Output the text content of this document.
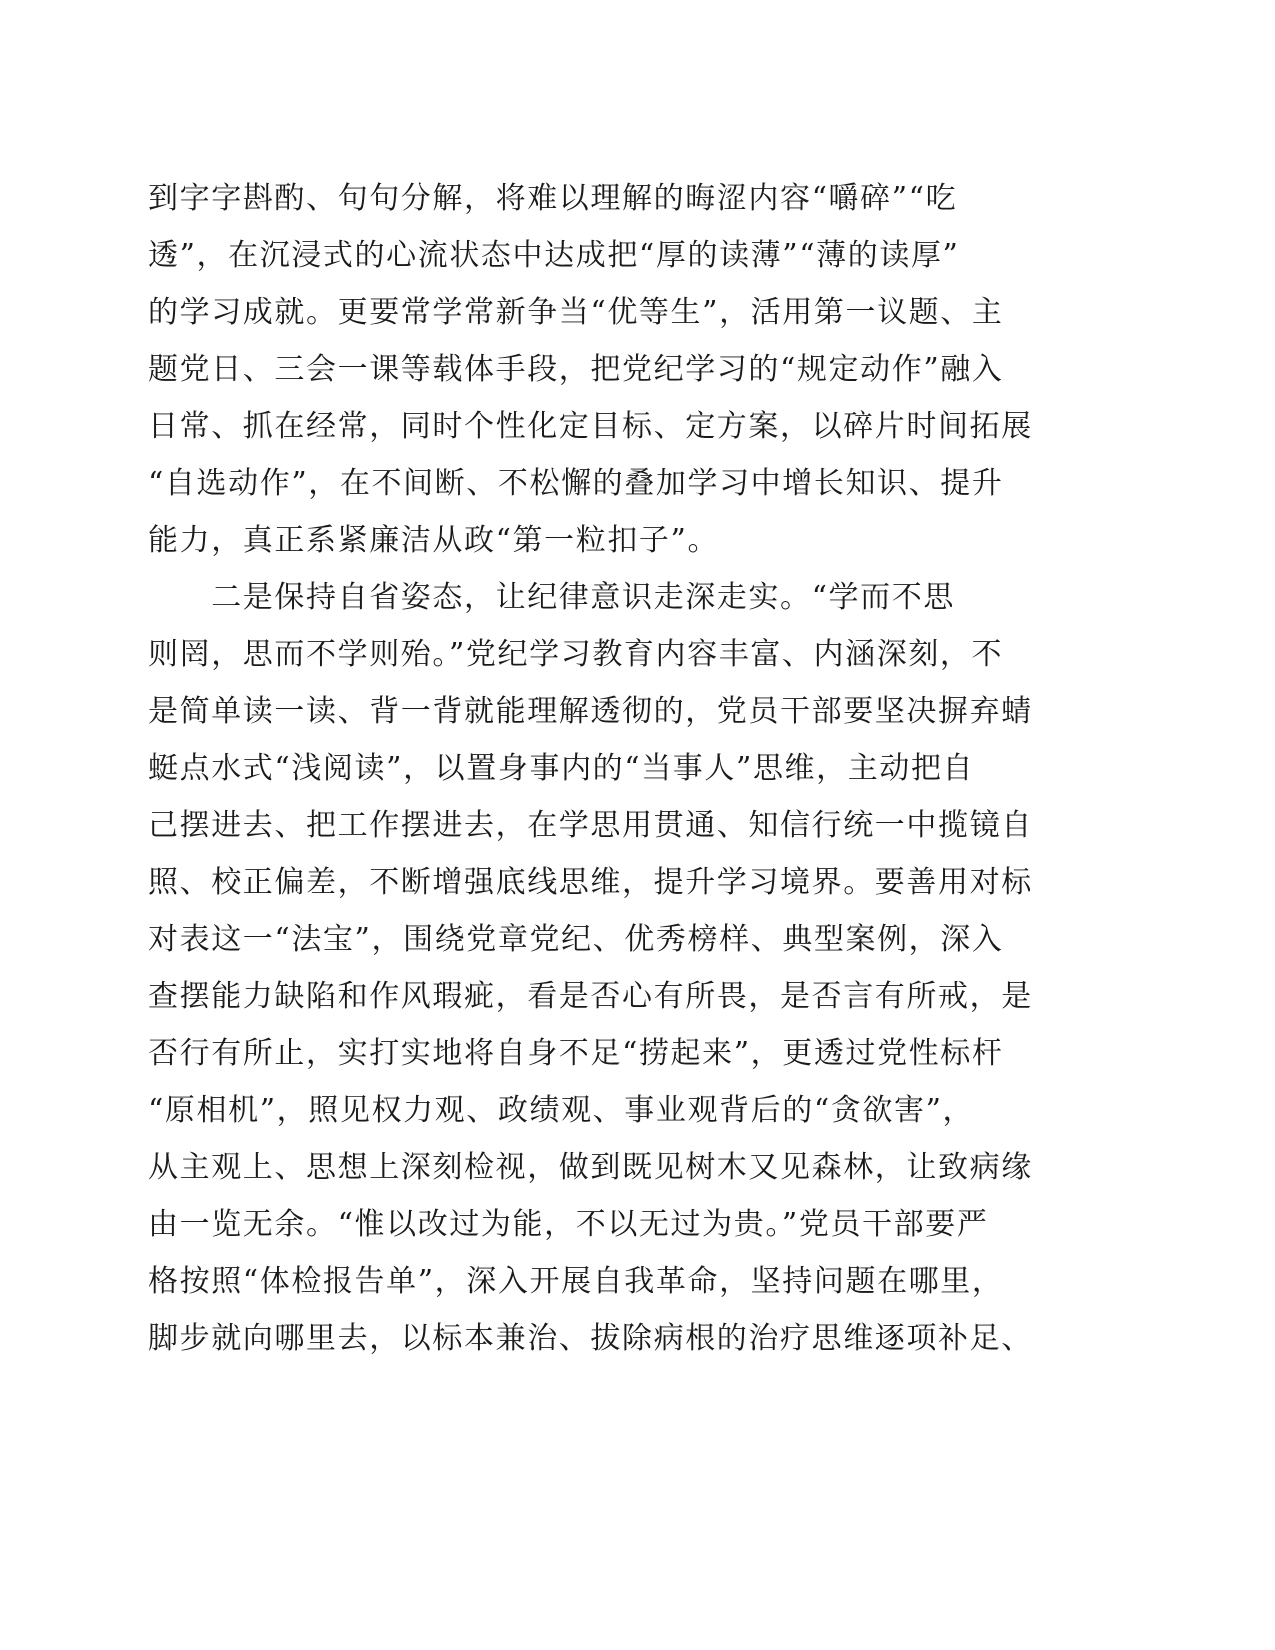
到字字斟酌、句句分解，将难以理解的晦涩内容“嚼碎”“吃
透”，在沉浸式的心流状态中达成把“厚的读薄”“薄的读厚”
的学习成就。更要常学常新争当“优等生”，活用第一议题、主
题党日、三会一课等载体手段，把党纪学习的“规定动作”融入
日常、抓在经常，同时个性化定目标、定方案，以碎片时间拓展
“自选动作”，在不间断、不松懈的叠加学习中增长知识、提升
能力，真正系紧廉洁从政“第一粒扣子”。
　　二是保持自省姿态，让纪律意识走深走实。“学而不思
则罔，思而不学则殆。”党纪学习教育内容丰富、内涵深刻，不
是简单读一读、背一背就能理解透彻的，党员干部要坚决摒弃蜻
蜓点水式“浅阅读”，以置身事内的“当事人”思维，主动把自
己摆进去、把工作摆进去，在学思用贯通、知信行统一中揽镜自
照、校正偏差，不断增强底线思维，提升学习境界。要善用对标
对表这一“法宝”，围绕党章党纪、优秀榜样、典型案例，深入
查摆能力缺陷和作风瑕疵，看是否心有所畏，是否言有所戒，是
否行有所止，实打实地将自身不足“捞起来”，更透过党性标杆
“原相机”，照见权力观、政绩观、事业观背后的“贪欲害”，
从主观上、思想上深刻检视，做到既见树木又见森林，让致病缘
由一览无余。“惟以改过为能，不以无过为贵。”党员干部要严
格按照“体检报告单”，深入开展自我革命，坚持问题在哪里，
脚步就向哪里去，以标本兼治、拔除病根的治疗思维逐项补足、
